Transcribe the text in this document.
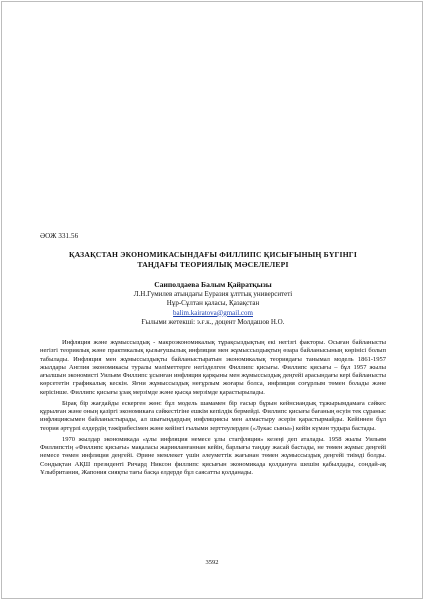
ӘОЖ 331.56
ҚАЗАҚСТАН ЭКОНОМИКАСЫНДАҒЫ ФИЛЛИПС ҚИСЫҒЫНЫҢ БҮГІНГІ
ТАҢДАҒЫ ТЕОРИЯЛЫҚ МӘСЕЛЕЛЕРІ
Саиполдаева Балым Қайратқызы
Л.Н.Гумилев атындағы Еуразия ұлттық университеті
Нұр-Сұлтан қаласы, Қазақстан
balim.kairatova@gmail.com
Ғылыми жетекші: э.ғ.к., доцент Молдашов Н.О.

Инфляция және жұмыссыздық - макроэкономикалық тұрақсыздықтың екі негізгі факторы. Осыған байланысты негізгі теориялық және практикалық қызығушылық инфляция мен жұмыссыздықтың өзара байланысының көрінісі болып табылады. Инфляция мен жұмыссыздықты байланыстыратын экономикалық теориядағы танымал модель 1861-1957 жылдары Англия экономикасы туралы мәліметтерге негізделген Филлипс қисығы. Филлипс қисығы – бұл 1957 жылы ағылшын экономисті Уильям Филлипс ұсынған инфляция қарқыны мен жұмыссыздық деңгейі арасындағы кері байланысты көрсететін графикалық кескін. Яғни жұмыссыздық неғұрлым жоғары болса, инфляция соғұрлым төмен болады және керісінше. Филлипс қисығы ұзақ мерзімде және қысқа мерзімде қарастырылады.

Бірақ бір жағдайды ескерген жөн: бұл модель шамамен бір ғасыр бұрын кейнсиандық тұжырымдамаға сәйкес құрылған және оның қазіргі экономикаға сәйкестігіне ешкім кепілдік бермейді. Филлипс қисығы бағаның өсуін тек сұраныс инфляциясымен байланыстырады, ал шығындардың инфляциясы мен алмастыру әсерін қарастырмайды. Кейіннен бұл теория әртүрлі елдердің тәжірибесімен және кейінгі ғылыми зерттеулерден («Лукас сыны») кейін күмән тудыра бастады.

1970 жылдар экономикада «ұлы инфляция немесе ұлы стагфляция» кезеңі деп аталады. 1958 жылы Уильям Филлипстің «Филлипс қисығы» мақаласы жарияланғаннан кейін, барлығы тандау жасай бастады, не төмен жұмыс деңгейі немесе төмен инфляция деңгейі. Әрине мемлекет үшін әлеуметтік жағынан төмен жұмыссыздық деңгейі тиімді болды. Сондықтан АҚШ президенті Ричард Никсон филлипс қисығын экономикада қолдануға шешім қабылдады, сондай-ақ Ұлыбритания, Жапония сияқты тағы басқа елдерде бұл саясатты қолданады.

3592
